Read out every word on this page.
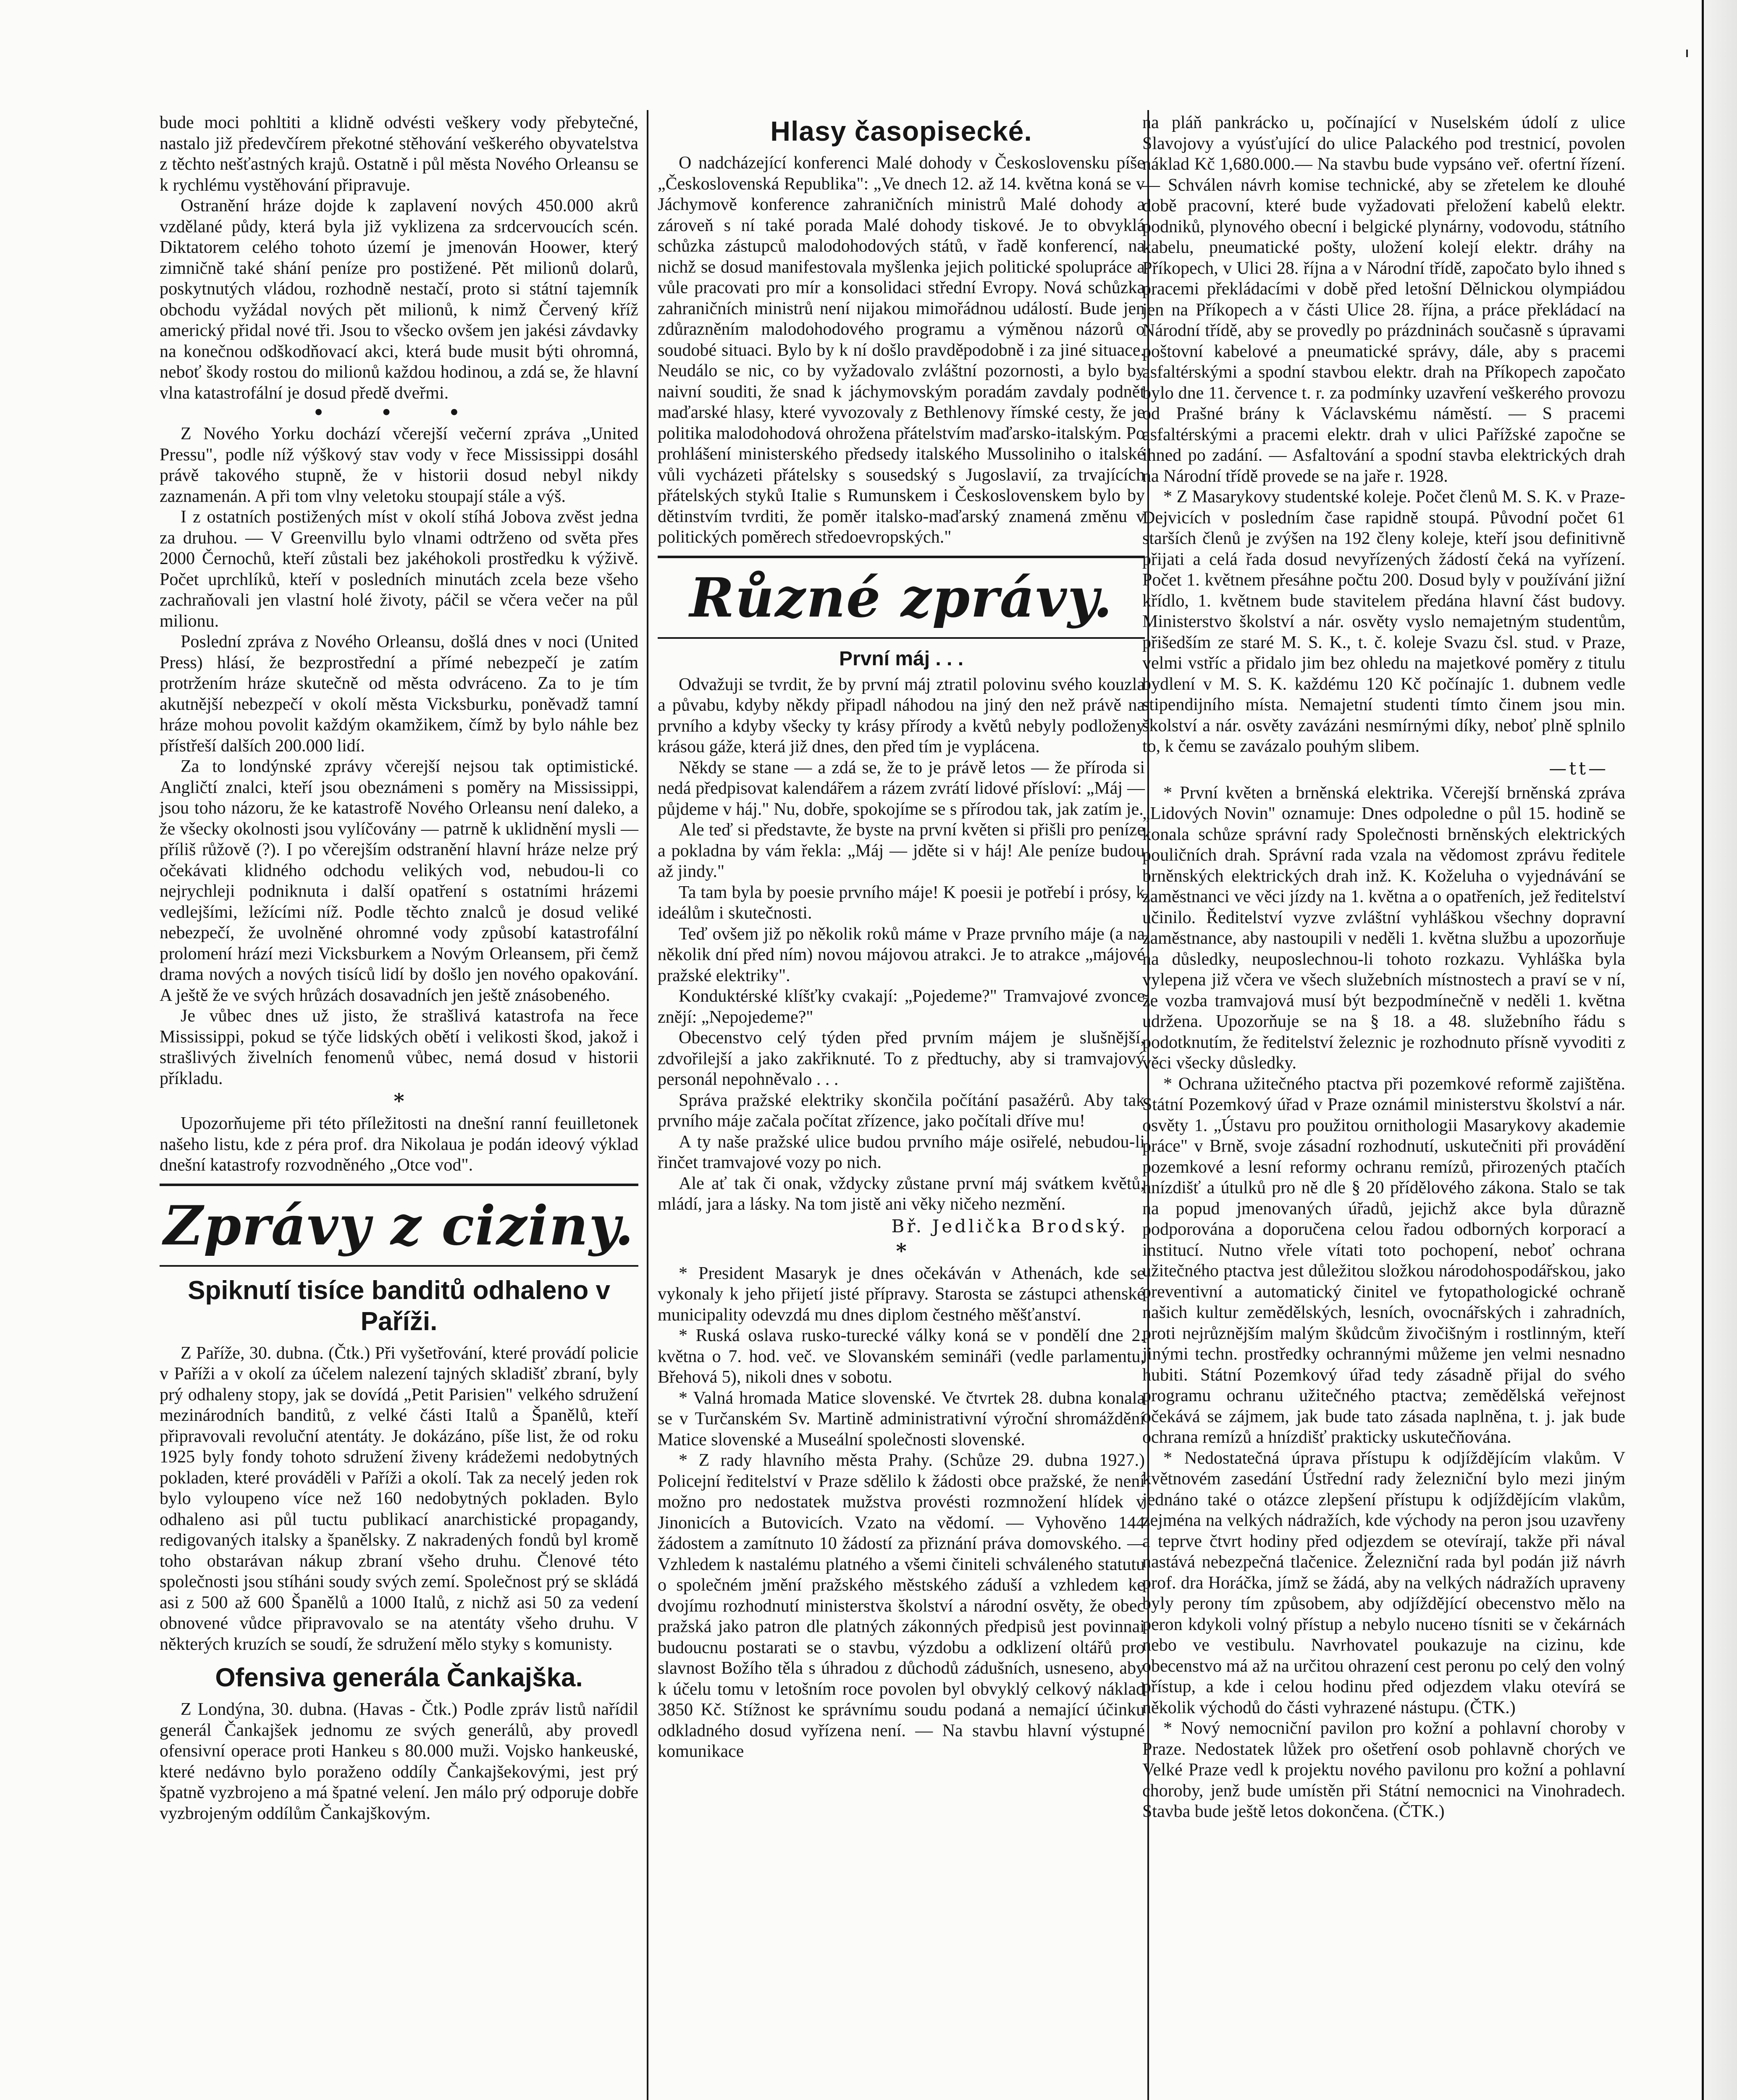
bude moci pohltiti a klidně odvésti veškery vody přebytečné, nastalo již předevčírem překotné stěhování veškerého obyvatelstva z těchto nešťastných krajů. Ostatně i půl města Nového Orleansu se k rychlému vystěhování připravuje.

Ostranění hráze dojde k zaplavení nových 450.000 akrů vzdělané půdy, která byla již vyklizena za srdcervoucích scén. Diktatorem celého tohoto území je jmenován Hoower, který zimničně také shání peníze pro postižené. Pět milionů dolarů, poskytnutých vládou, rozhodně nestačí, proto si státní tajemník obchodu vyžádal nových pět milionů, k nimž Červený kříž americký přidal nové tři. Jsou to všecko ovšem jen jakési závdavky na konečnou odškodňovací akci, která bude musit býti ohromná, neboť škody rostou do milionů každou hodinou, a zdá se, že hlavní vlna katastrofální je dosud předě dveřmi.

• • •

Z Nového Yorku dochází včerejší večerní zpráva „United Pressu", podle níž výškový stav vody v řece Mississippi dosáhl právě takového stupně, že v historii dosud nebyl nikdy zaznamenán. A při tom vlny veletoku stoupají stále a výš.

I z ostatních postižených míst v okolí stíhá Jobova zvěst jedna za druhou. — V Greenvillu bylo vlnami odtrženo od světa přes 2000 Černochů, kteří zůstali bez jakéhokoli prostředku k výživě. Počet uprchlíků, kteří v posledních minutách zcela beze všeho zachraňovali jen vlastní holé životy, páčil se včera večer na půl milionu.

Poslední zpráva z Nového Orleansu, došlá dnes v noci (United Press) hlásí, že bezprostřední a přímé nebezpečí je zatím protržením hráze skutečně od města odvráceno. Za to je tím akutnější nebezpečí v okolí města Vicksburku, poněvadž tamní hráze mohou povolit každým okamžikem, čímž by bylo náhle bez přístřeší dalších 200.000 lidí.

Za to londýnské zprávy včerejší nejsou tak optimistické. Angličtí znalci, kteří jsou obeznámeni s poměry na Mississippi, jsou toho názoru, že ke katastrofě Nového Orleansu není daleko, a že všecky okolnosti jsou vylíčovány — patrně k uklidnění mysli — příliš růžově (?). I po včerejším odstranění hlavní hráze nelze prý očekávati klidného odchodu velikých vod, nebudou-li co nejrychleji podniknuta i další opatření s ostatními hrázemi vedlejšími, ležícími níž. Podle těchto znalců je dosud veliké nebezpečí, že uvolněné ohromné vody způsobí katastrofální prolomení hrází mezi Vicksburkem a Novým Orleansem, při čemž drama nových a nových tisíců lidí by došlo jen nového opakování. A ještě že ve svých hrůzách dosavadních jen ještě znásobeného.

Je vůbec dnes už jisto, že strašlivá katastrofa na řece Mississippi, pokud se týče lidských obětí i velikosti škod, jakož i strašlivých živelních fenomenů vůbec, nemá dosud v historii příkladu.

*

Upozorňujeme při této příležitosti na dnešní ranní feuilletonek našeho listu, kde z péra prof. dra Nikolaua je podán ideový výklad dnešní katastrofy rozvodněného „Otce vod".

Zprávy z ciziny.
Spiknutí tisíce banditů odhaleno v Paříži.

Z Paříže, 30. dubna. (Čtk.) Při vyšetřování, které provádí policie v Paříži a v okolí za účelem nalezení tajných skladišť zbraní, byly prý odhaleny stopy, jak se dovídá „Petit Parisien" velkého sdružení mezinárodních banditů, z velké části Italů a Španělů, kteří připravovali revoluční atentáty. Je dokázáno, píše list, že od roku 1925 byly fondy tohoto sdružení živeny krádežemi nedobytných pokladen, které prováděli v Paříži a okolí. Tak za necelý jeden rok bylo vyloupeno více než 160 nedobytných pokladen. Bylo odhaleno asi půl tuctu publikací anarchistické propagandy, redigovaných italsky a španělsky. Z nakradených fondů byl kromě toho obstarávan nákup zbraní všeho druhu. Členové této společnosti jsou stíháni soudy svých zemí. Společnost prý se skládá asi z 500 až 600 Španělů a 1000 Italů, z nichž asi 50 za vedení obnovené vůdce připravovalo se na atentáty všeho druhu. V některých kruzích se soudí, že sdružení mělo styky s komunisty.

Ofensiva generála Čankajška.

Z Londýna, 30. dubna. (Havas - Čtk.) Podle zpráv listů nařídil generál Čankajšek jednomu ze svých generálů, aby provedl ofensivní operace proti Hankeu s 80.000 muži. Vojsko hankeuské, které nedávno bylo poraženo oddíly Čankajšekovými, jest prý špatně vyzbrojeno a má špatné velení. Jen málo prý odporuje dobře vyzbrojeným oddílům Čankajškovým.

Hlasy časopisecké.

O nadcházející konferenci Malé dohody v Československu píše „Československá Republika": „Ve dnech 12. až 14. května koná se v Jáchymově konference zahraničních ministrů Malé dohody a zároveň s ní také porada Malé dohody tiskové. Je to obvyklá schůzka zástupců malodohodových států, v řadě konferencí, na nichž se dosud manifestovala myšlenka jejich politické spolupráce a vůle pracovati pro mír a konsolidaci střední Evropy. Nová schůzka zahraničních ministrů není nijakou mimořádnou událostí. Bude jen zdůrazněním malodohodového programu a výměnou názorů o soudobé situaci. Bylo by k ní došlo pravděpodobně i za jiné situace. Neudálo se nic, co by vyžadovalo zvláštní pozornosti, a bylo by naivní souditi, že snad k jáchymovským poradám zavdaly podnět maďarské hlasy, které vyvozovaly z Bethlenovy římské cesty, že je politika malodohodová ohrožena přátelstvím maďarsko-italským. Po prohlášení ministerského předsedy italského Mussoliniho o italské vůli vycházeti přátelsky s sousedský s Jugoslavií, za trvajících přátelských styků Italie s Rumunskem i Československem bylo by dětinstvím tvrditi, že poměr italsko-maďarský znamená změnu v politických poměrech středoevropských."

Různé zprávy.
První máj . . .

Odvažuji se tvrdit, že by první máj ztratil polovinu svého kouzla a půvabu, kdyby někdy připadl náhodou na jiný den než právě na prvního a kdyby všecky ty krásy přírody a květů nebyly podloženy krásou gáže, která již dnes, den před tím je vyplácena.

Někdy se stane — a zdá se, že to je právě letos — že příroda si nedá předpisovat kalendářem a rázem zvrátí lidové přísloví: „Máj — půjdeme v háj." Nu, dobře, spokojíme se s přírodou tak, jak zatím je.

Ale teď si představte, že byste na první květen si přišli pro peníze a pokladna by vám řekla: „Máj — jděte si v háj! Ale peníze budou až jindy."

Ta tam byla by poesie prvního máje! K poesii je potřebí i prósy, k ideálům i skutečnosti.

Teď ovšem již po několik roků máme v Praze prvního máje (a na několik dní před ním) novou májovou atrakci. Je to atrakce „májové pražské elektriky".

Konduktérské klíšťky cvakají: „Pojedeme?" Tramvajové zvonce znějí: „Nepojedeme?"

Obecenstvo celý týden před prvním májem je slušnější, zdvořilejší a jako zakřiknuté. To z předtuchy, aby si tramvajový personál nepohněvalo . . .

Správa pražské elektriky skončila počítání pasažérů. Aby tak prvního máje začala počítat zřízence, jako počítali dříve mu!

A ty naše pražské ulice budou prvního máje osiřelé, nebudou-li řinčet tramvajové vozy po nich.

Ale ať tak či onak, vždycky zůstane první máj svátkem květů, mládí, jara a lásky. Na tom jistě ani věky ničeho nezmění.

Bř. Jedlička Brodský.
*

* President Masaryk je dnes očekáván v Athenách, kde se vykonaly k jeho přijetí jisté přípravy. Starosta se zástupci athenské municipality odevzdá mu dnes diplom čestného měšťanství.

* Ruská oslava rusko-turecké války koná se v pondělí dne 2. května o 7. hod. več. ve Slovanském semináři (vedle parlamentu, Břehová 5), nikoli dnes v sobotu.

* Valná hromada Matice slovenské. Ve čtvrtek 28. dubna konala se v Turčanském Sv. Martině administrativní výroční shromáždění Matice slovenské a Museální společnosti slovenské.

* Z rady hlavního města Prahy. (Schůze 29. dubna 1927.) Policejní ředitelství v Praze sdělilo k žádosti obce pražské, že není možno pro nedostatek mužstva provésti rozmnožení hlídek v Jinonicích a Butovicích. Vzato na vědomí. — Vyhověno 144 žádostem a zamítnuto 10 žádostí za přiznání práva domovského. — Vzhledem k nastalému platného a všemi činiteli schváleného statutu o společném jmění pražského městského záduší a vzhledem ke dvojímu rozhodnutí ministerstva školství a národní osvěty, že obec pražská jako patron dle platných zákonných předpisů jest povinnai budoucnu postarati se o stavbu, výzdobu a odklizení oltářů pro slavnost Božího těla s úhradou z důchodů zádušních, usneseno, aby k účelu tomu v letošním roce povolen byl obvyklý celkový náklad 3850 Kč. Stížnost ke správnímu soudu podaná a nemající účinku odkladného dosud vyřízena není. — Na stavbu hlavní výstupné komunikace

na pláň pankrácko u, počínající v Nuselském údolí z ulice Slavojovy a vyúsťující do ulice Palackého pod trestnicí, povolen náklad Kč 1,680.000.— Na stavbu bude vypsáno veř. ofertní řízení. — Schválen návrh komise technické, aby se zřetelem ke dlouhé době pracovní, které bude vyžadovati přeložení kabelů elektr. podniků, plynového obecní i belgické plynárny, vodovodu, státního kabelu, pneumatické pošty, uložení kolejí elektr. dráhy na Příkopech, v Ulici 28. října a v Národní třídě, započato bylo ihned s pracemi překládacími v době před letošní Dělnickou olympiádou jen na Příkopech a v části Ulice 28. října, a práce překládací na Národní třídě, aby se provedly po prázdninách současně s úpravami poštovní kabelové a pneumatické správy, dále, aby s pracemi asfaltérskými a spodní stavbou elektr. drah na Příkopech započato bylo dne 11. července t. r. za podmínky uzavření veškerého provozu od Prašné brány k Václavskému náměstí. — S pracemi asfaltérskými a pracemi elektr. drah v ulici Pařížské započne se ihned po zadání. — Asfaltování a spodní stavba elektrických drah na Národní třídě provede se na jaře r. 1928.

* Z Masarykovy studentské koleje. Počet členů M. S. K. v Praze-Dejvicích v posledním čase rapidně stoupá. Původní počet 61 starších členů je zvýšen na 192 členy koleje, kteří jsou definitivně přijati a celá řada dosud nevyřízených žádostí čeká na vyřízení. Počet 1. květnem přesáhne počtu 200. Dosud byly v používání jižní křídlo, 1. květnem bude stavitelem předána hlavní část budovy. Ministerstvo školství a nár. osvěty vyslo nemajetným studentům, přišedším ze staré M. S. K., t. č. koleje Svazu čsl. stud. v Praze, velmi vstříc a přidalo jim bez ohledu na majetkové poměry z titulu bydlení v M. S. K. každému 120 Kč počínajíc 1. dubnem vedle stipendijního místa. Nemajetní studenti tímto činem jsou min. školství a nár. osvěty zavázáni nesmírnými díky, neboť plně splnilo to, k čemu se zavázalo pouhým slibem.

—tt—

* První květen a brněnská elektrika. Včerejší brněnská zpráva „Lidových Novin" oznamuje: Dnes odpoledne o půl 15. hodině se konala schůze správní rady Společnosti brněnských elektrických pouličních drah. Správní rada vzala na vědomost zprávu ředitele brněnských elektrických drah inž. K. Koželuha o vyjednávání se zaměstnanci ve věci jízdy na 1. května a o opatřeních, jež ředitelství učinilo. Ředitelství vyzve zvláštní vyhláškou všechny dopravní zaměstnance, aby nastoupili v neděli 1. května službu a upozorňuje na důsledky, neuposlechnou-li tohoto rozkazu. Vyhláška byla vylepena již včera ve všech služebních místnostech a praví se v ní, že vozba tramvajová musí být bezpodmínečně v neděli 1. května udržena. Upozorňuje se na § 18. a 48. služebního řádu s podotknutím, že ředitelství železnic je rozhodnuto přísně vyvoditi z věci všecky důsledky.

* Ochrana užitečného ptactva při pozemkové reformě zajištěna. Státní Pozemkový úřad v Praze oznámil ministerstvu školství a nár. osvěty 1. „Ústavu pro použitou ornithologii Masarykovy akademie práce" v Brně, svoje zásadní rozhodnutí, uskutečniti při provádění pozemkové a lesní reformy ochranu remízů, přirozených ptačích hnízdišť a útulků pro ně dle § 20 přídělového zákona. Stalo se tak na popud jmenovaných úřadů, jejichž akce byla důrazně podporována a doporučena celou řadou odborných korporací a institucí. Nutno vřele vítati toto pochopení, neboť ochrana užitečného ptactva jest důležitou složkou národohospodářskou, jako preventivní a automatický činitel ve fytopathologické ochraně našich kultur zemědělských, lesních, ovocnářských i zahradních, proti nejrůznějším malým škůdcům živočišným i rostlinným, kteří jinými techn. prostředky ochrannými můžeme jen velmi nesnadno hubiti. Státní Pozemkový úřad tedy zásadně přijal do svého programu ochranu užitečného ptactva; zemědělská veřejnost očekává se zájmem, jak bude tato zásada naplněna, t. j. jak bude ochrana remízů a hnízdišť prakticky uskutečňována.

* Nedostatečná úprava přístupu k odjíždějícím vlakům. V květnovém zasedání Ústřední rady železniční bylo mezi jiným jednáno také o otázce zlepšení přístupu k odjíždějícím vlakům, zejména na velkých nádražích, kde východy na peron jsou uzavřeny a teprve čtvrt hodiny před odjezdem se otevírají, takže při nával nastává nebezpečná tlačenice. Železniční rada byl podán již návrh prof. dra Horáčka, jímž se žádá, aby na velkých nádražích upraveny byly perony tím způsobem, aby odjíždějící obecenstvo mělo na peron kdykoli volný přístup a nebylo nucено tísniti se v čekárnách nebo ve vestibulu. Navrhovatel poukazuje na cizinu, kde obecenstvo má až na určitou ohrazení cest peronu po celý den volný přístup, a kde i celou hodinu před odjezdem vlaku otevírá se několik východů do části vyhrazené nástupu. (ČTK.)

* Nový nemocniční pavilon pro kožní a pohlavní choroby v Praze. Nedostatek lůžek pro ošetření osob pohlavně chorých ve Velké Praze vedl k projektu nového pavilonu pro kožní a pohlavní choroby, jenž bude umístěn při Státní nemocnici na Vinohradech. Stavba bude ještě letos dokončena. (ČTK.)
